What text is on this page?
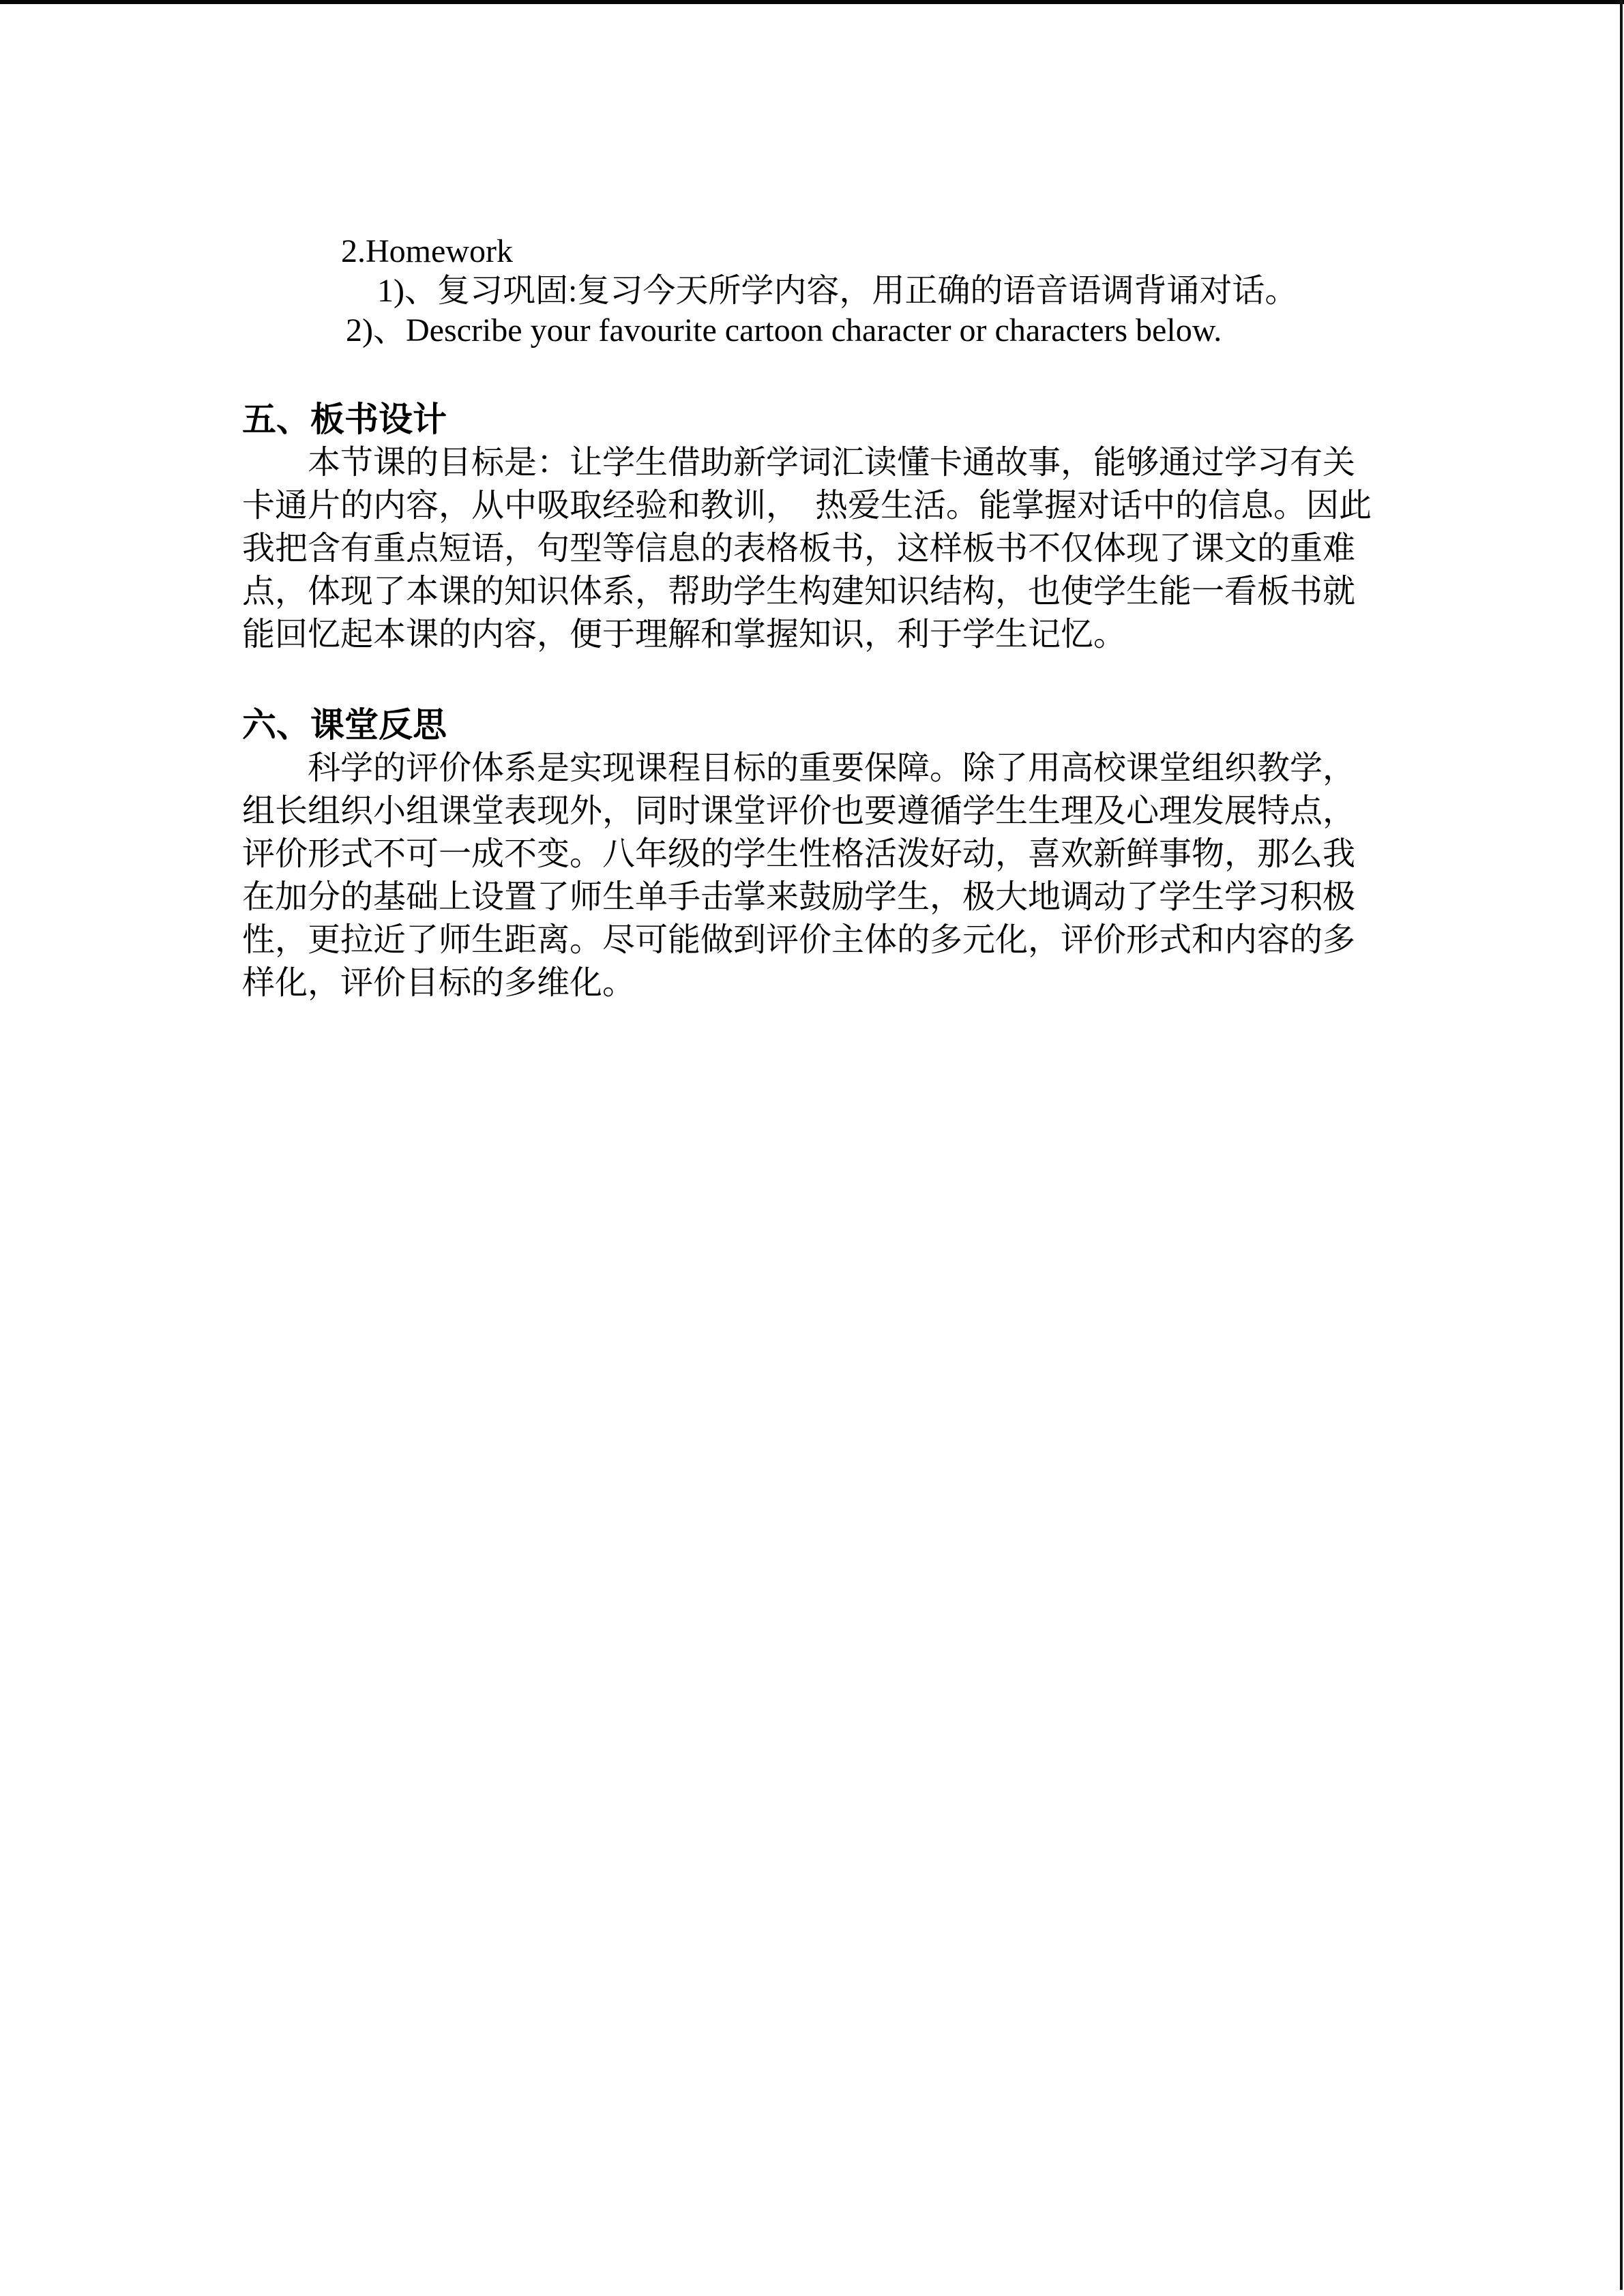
2.Homework
1)、复习巩固:复习今天所学内容，用正确的语音语调背诵对话。
2)、Describe your favourite cartoon character or characters below.
五、板书设计
本节课的目标是：让学生借助新学词汇读懂卡通故事，能够通过学习有关
卡通片的内容，从中吸取经验和教训，　热爱生活。能掌握对话中的信息。因此
我把含有重点短语，句型等信息的表格板书，这样板书不仅体现了课文的重难
点，体现了本课的知识体系，帮助学生构建知识结构，也使学生能一看板书就
能回忆起本课的内容，便于理解和掌握知识，利于学生记忆。
六、课堂反思
科学的评价体系是实现课程目标的重要保障。除了用高校课堂组织教学，
组长组织小组课堂表现外，同时课堂评价也要遵循学生生理及心理发展特点，
评价形式不可一成不变。八年级的学生性格活泼好动，喜欢新鲜事物，那么我
在加分的基础上设置了师生单手击掌来鼓励学生，极大地调动了学生学习积极
性，更拉近了师生距离。尽可能做到评价主体的多元化，评价形式和内容的多
样化，评价目标的多维化。
